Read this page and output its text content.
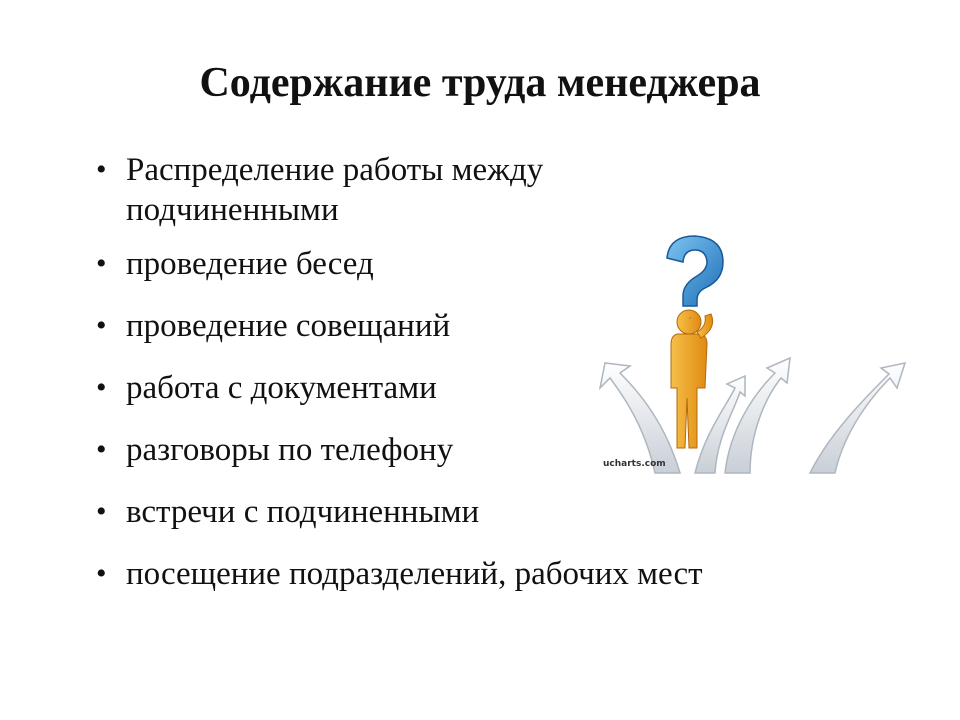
Содержание труда менеджера
• Распределение работы между подчиненными
• проведение бесед
• проведение совещаний
• работа с документами
• разговоры по телефону
• встречи с подчиненными
• посещение подразделений, рабочих мест
ucharts.com
